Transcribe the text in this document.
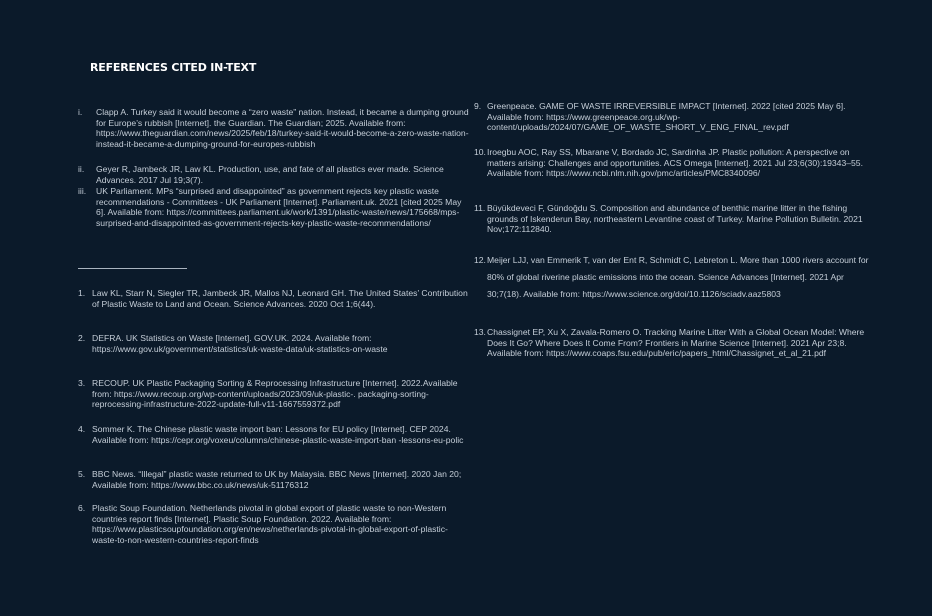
REFERENCES CITED IN-TEXT
i. Clapp A. Turkey said it would become a “zero waste” nation. Instead, it became a dumping ground for Europe’s rubbish [Internet]. the Guardian. The Guardian; 2025. Available from: https://www.theguardian.com/news/2025/feb/18/turkey-said-it-would-become-a-zero-waste-nation-instead-it-became-a-dumping-ground-for-europes-rubbish
ii. Geyer R, Jambeck JR, Law KL. Production, use, and fate of all plastics ever made. Science Advances. 2017 Jul 19;3(7).
iii. UK Parliament. MPs “surprised and disappointed” as government rejects key plastic waste recommendations - Committees - UK Parliament [Internet]. Parliament.uk. 2021 [cited 2025 May 6]. Available from: https://committees.parliament.uk/work/1391/plastic-waste/news/175668/mps-surprised-and-disappointed-as-government-rejects-key-plastic-waste-recommendations/
1. Law KL, Starr N, Siegler TR, Jambeck JR, Mallos NJ, Leonard GH. The United States’ Contribution of Plastic Waste to Land and Ocean. Science Advances. 2020 Oct 1;6(44).
2. DEFRA. UK Statistics on Waste [Internet]. GOV.UK. 2024. Available from: https://www.gov.uk/government/statistics/uk-waste-data/uk-statistics-on-waste
3. RECOUP. UK Plastic Packaging Sorting & Reprocessing Infrastructure [Internet]. 2022.Available from: https://www.recoup.org/wp-content/uploads/2023/09/uk-plastic-. packaging-sorting-reprocessing-infrastructure-2022-update-full-v11-1667559372.pdf
4. Sommer K. The Chinese plastic waste import ban: Lessons for EU policy [Internet]. CEP 2024. Available from: https://cepr.org/voxeu/columns/chinese-plastic-waste-import-ban -lessons-eu-polic
5. BBC News. “Illegal” plastic waste returned to UK by Malaysia. BBC News [Internet]. 2020 Jan 20; Available from: https://www.bbc.co.uk/news/uk-51176312
6. Plastic Soup Foundation. Netherlands pivotal in global export of plastic waste to non-Western countries report finds [Internet]. Plastic Soup Foundation. 2022. Available from: https://www.plasticsoupfoundation.org/en/news/netherlands-pivotal-in-global-export-of-plastic-waste-to-non-western-countries-report-finds
9. Greenpeace. GAME OF WASTE IRREVERSIBLE IMPACT [Internet]. 2022 [cited 2025 May 6]. Available from: https://www.greenpeace.org.uk/wp-content/uploads/2024/07/GAME_OF_WASTE_SHORT_V_ENG_FINAL_rev.pdf
10. Iroegbu AOC, Ray SS, Mbarane V, Bordado JC, Sardinha JP. Plastic pollution: A perspective on matters arising: Challenges and opportunities. ACS Omega [Internet]. 2021 Jul 23;6(30):19343–55. Available from: https://www.ncbi.nlm.nih.gov/pmc/articles/PMC8340096/
11. Büyükdeveci F, Gündoğdu S. Composition and abundance of benthic marine litter in the fishing grounds of Iskenderun Bay, northeastern Levantine coast of Turkey. Marine Pollution Bulletin. 2021 Nov;172:112840.
12. Meijer LJJ, van Emmerik T, van der Ent R, Schmidt C, Lebreton L. More than 1000 rivers account for 80% of global riverine plastic emissions into the ocean. Science Advances [Internet]. 2021 Apr 30;7(18). Available from: https://www.science.org/doi/10.1126/sciadv.aaz5803
13. Chassignet EP, Xu X, Zavala-Romero O. Tracking Marine Litter With a Global Ocean Model: Where Does It Go? Where Does It Come From? Frontiers in Marine Science [Internet]. 2021 Apr 23;8. Available from: https://www.coaps.fsu.edu/pub/eric/papers_html/Chassignet_et_al_21.pdf
